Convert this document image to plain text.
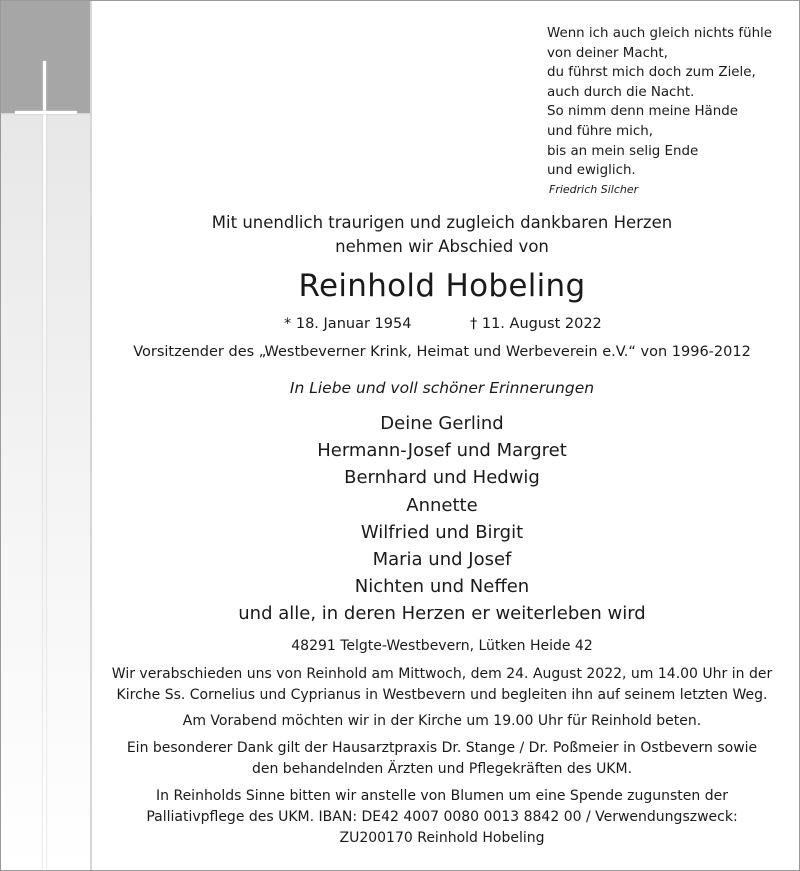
Wenn ich auch gleich nichts fühle
von deiner Macht,
du führst mich doch zum Ziele,
auch durch die Nacht.
So nimm denn meine Hände
und führe mich,
bis an mein selig Ende
und ewiglich.
Friedrich Silcher
Mit unendlich traurigen und zugleich dankbaren Herzen
nehmen wir Abschied von
Reinhold Hobeling
* 18. Januar 1954	† 11. August 2022
Vorsitzender des „Westbeverner Krink, Heimat und Werbeverein e.V.“ von 1996-2012
In Liebe und voll schöner Erinnerungen
Deine Gerlind
Hermann-Josef und Margret
Bernhard und Hedwig
Annette
Wilfried und Birgit
Maria und Josef
Nichten und Neffen
und alle, in deren Herzen er weiterleben wird
48291 Telgte-Westbevern, Lütken Heide 42
Wir verabschieden uns von Reinhold am Mittwoch, dem 24. August 2022, um 14.00 Uhr in der
Kirche Ss. Cornelius und Cyprianus in Westbevern und begleiten ihn auf seinem letzten Weg.
Am Vorabend möchten wir in der Kirche um 19.00 Uhr für Reinhold beten.
Ein besonderer Dank gilt der Hausarztpraxis Dr. Stange / Dr. Poßmeier in Ostbevern sowie
den behandelnden Ärzten und Pflegekräften des UKM.
In Reinholds Sinne bitten wir anstelle von Blumen um eine Spende zugunsten der
Palliativpflege des UKM. IBAN: DE42 4007 0080 0013 8842 00 / Verwendungszweck:
ZU200170 Reinhold Hobeling
